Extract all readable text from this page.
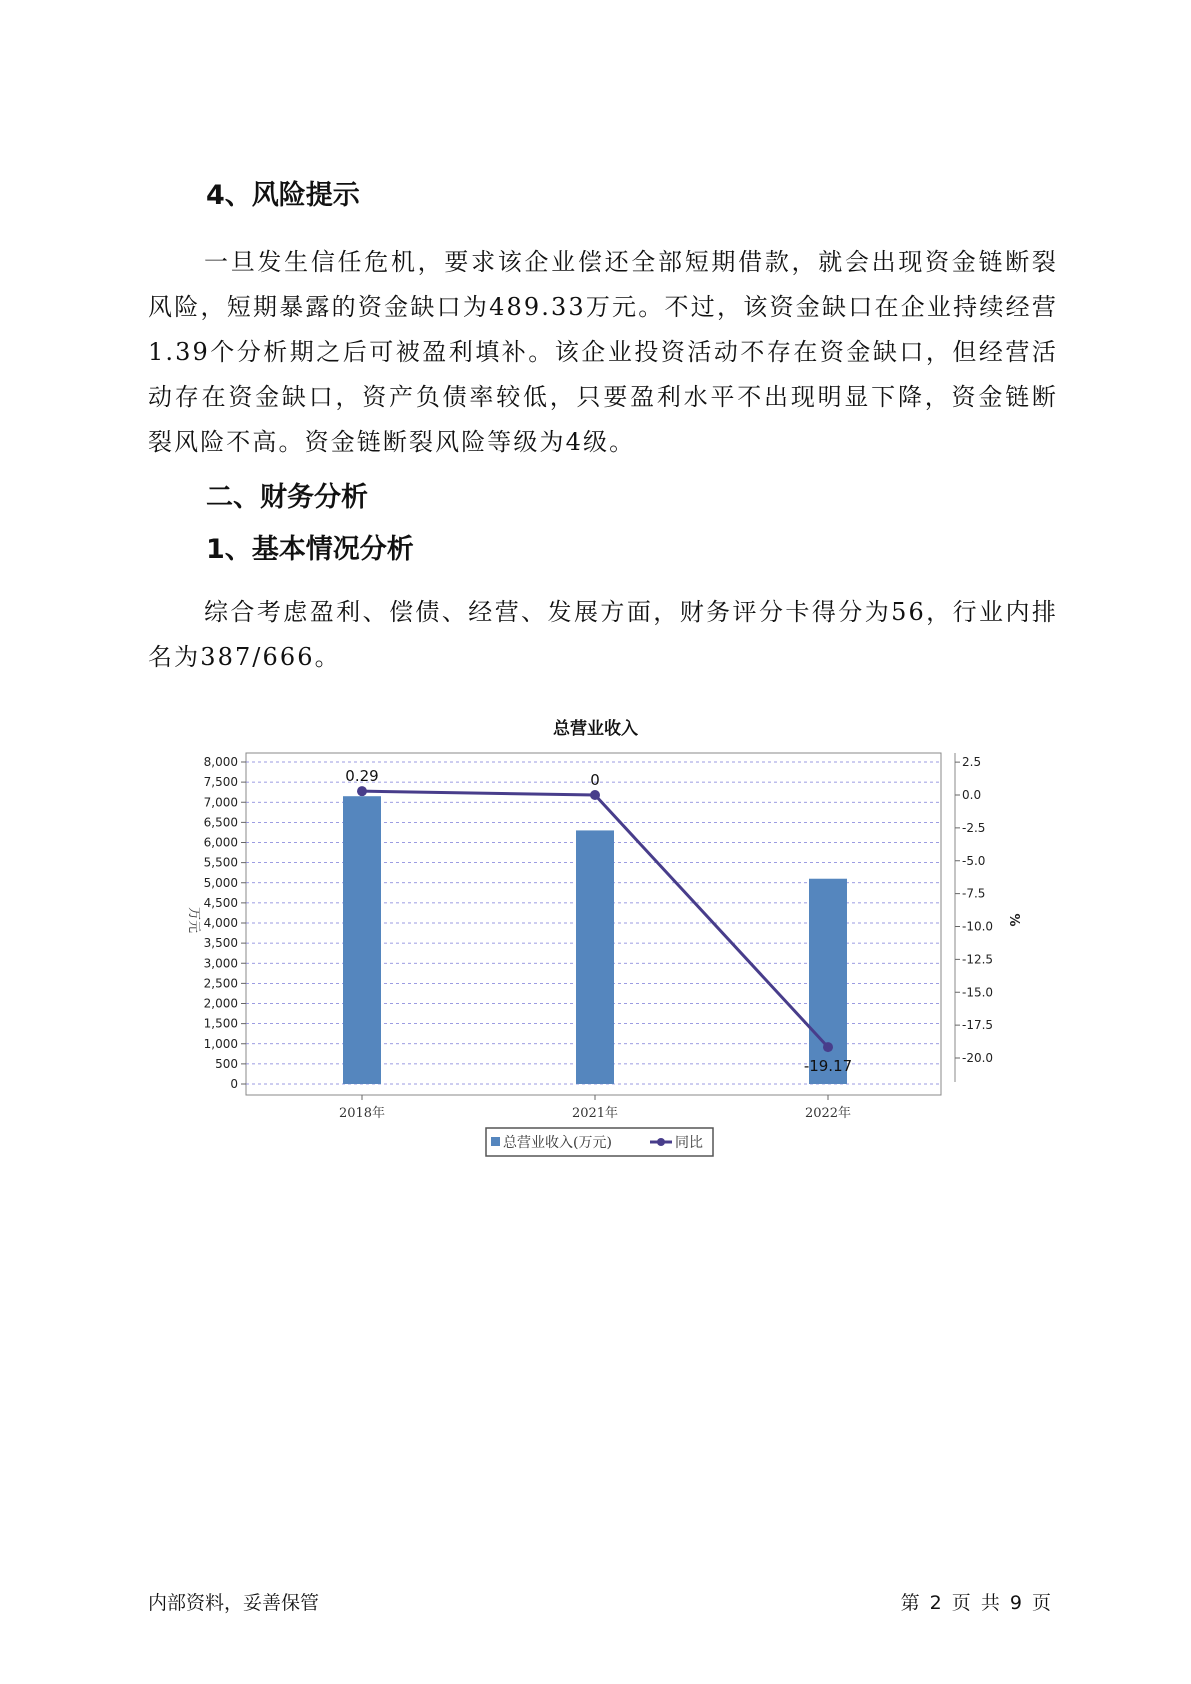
4、风险提示

一旦发生信任危机，要求该企业偿还全部短期借款，就会出现资金链断裂风险，短期暴露的资金缺口为489.33万元。不过，该资金缺口在企业持续经营 1.39个分析期之后可被盈利填补。该企业投资活动不存在资金缺口，但经营活动存在资金缺口，资产负债率较低，只要盈利水平不出现明显下降，资金链断裂风险不高。资金链断裂风险等级为4级。

二、财务分析
1、基本情况分析

综合考虑盈利、偿债、经营、发展方面，财务评分卡得分为56，行业内排名为387/666。

总营业收入
0
500
1,000
1,500
2,000
2,500
3,000
3,500
4,000
4,500
5,000
5,500
6,000
6,500
7,000
7,500
8,000	2.5
0.0
-2.5
-5.0
-7.5
-10.0
-12.5
-15.0
-17.5
-20.0
万元	%
2018年	2021年	2022年
0.29	0
-19.17
总营业收入(万元)	同比
内部资料，妥善保管	第 2 页 共 9 页
